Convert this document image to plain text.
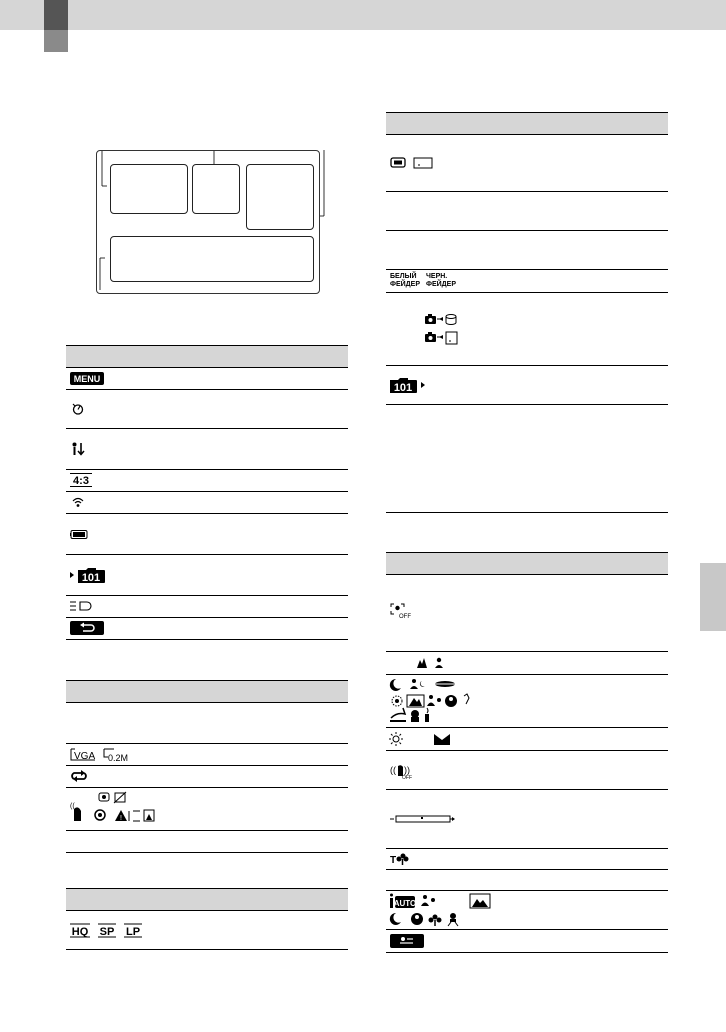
MENU
4:3
101
VGA 0.2M
((
!
HQ SP LP
БЕЛЫЙ
ФЕЙДЕР
ЧЕРН.
ФЕЙДЕР
101
OFF
(( ))
OFF
T
AUTO
